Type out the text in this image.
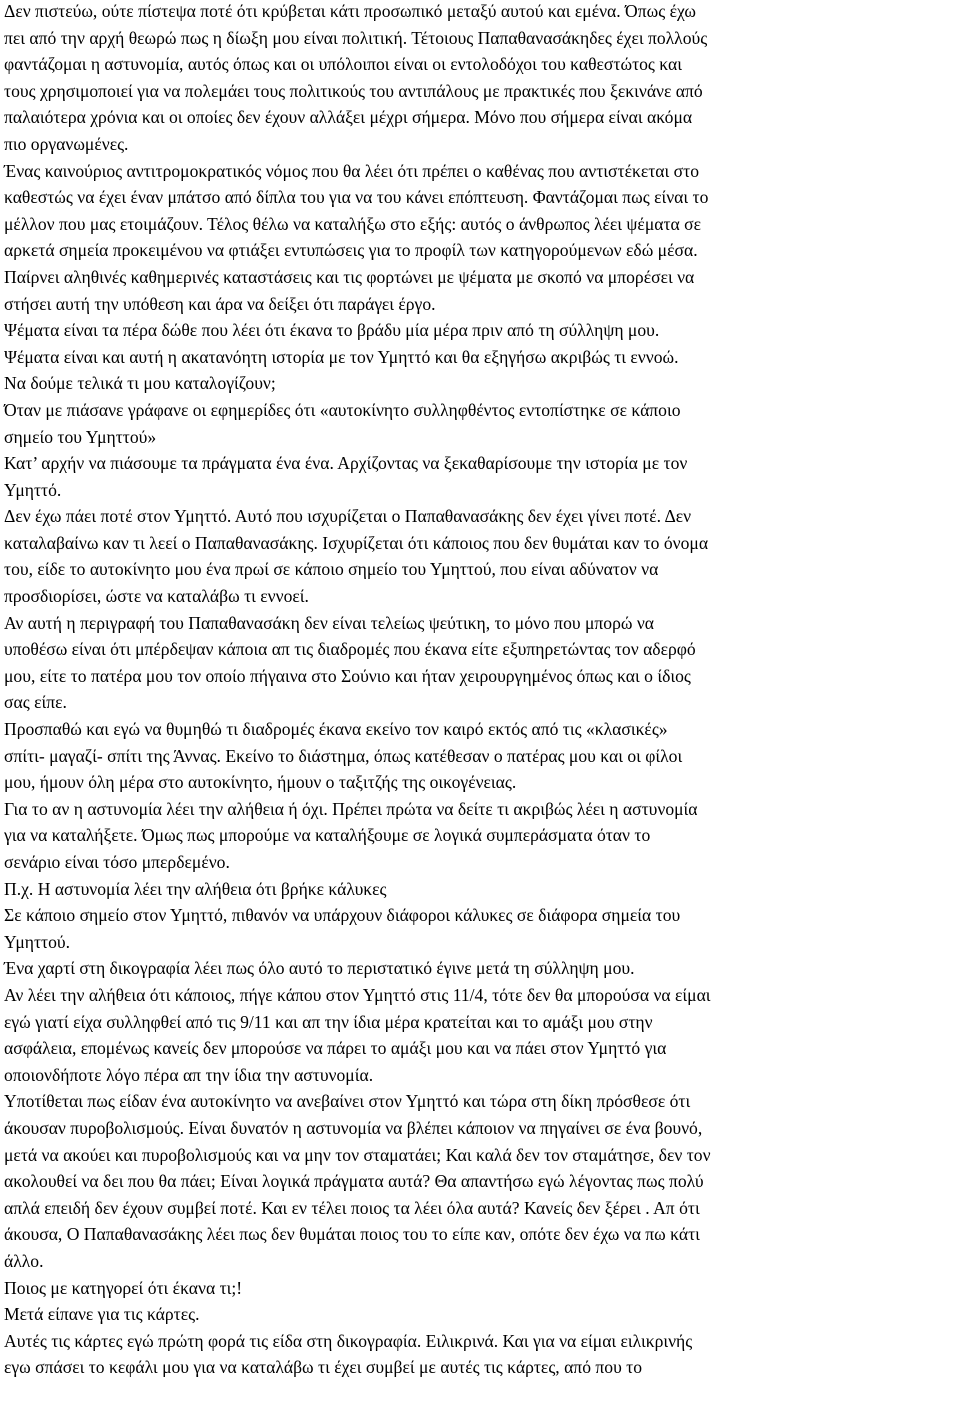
Δεν πιστεύω, ούτε πίστεψα ποτέ ότι κρύβεται κάτι προσωπικό μεταξύ αυτού και εμένα. Όπως έχω

πει από την αρχή θεωρώ πως η δίωξη μου είναι πολιτική. Τέτοιους Παπαθανασάκηδες έχει πολλούς

φαντάζομαι η αστυνομία, αυτός όπως και οι υπόλοιποι είναι οι εντολοδόχοι του καθεστώτος και

τους χρησιμοποιεί για να πολεμάει τους πολιτικούς του αντιπάλους με πρακτικές που ξεκινάνε από

παλαιότερα χρόνια και οι οποίες δεν έχουν αλλάξει μέχρι σήμερα. Μόνο που σήμερα είναι ακόμα

πιο οργανωμένες.

Ένας καινούριος αντιτρομοκρατικός νόμος που θα λέει ότι πρέπει ο καθένας που αντιστέκεται στο

καθεστώς να έχει έναν μπάτσο από δίπλα του για να του κάνει επόπτευση. Φαντάζομαι πως είναι το

μέλλον που μας ετοιμάζουν. Τέλος θέλω να καταλήξω στο εξής: αυτός ο άνθρωπος λέει ψέματα σε

αρκετά σημεία προκειμένου να φτιάξει εντυπώσεις για το προφίλ των κατηγορούμενων εδώ μέσα.

Παίρνει αληθινές καθημερινές καταστάσεις και τις φορτώνει με ψέματα με σκοπό να μπορέσει να

στήσει αυτή την υπόθεση και άρα να δείξει ότι παράγει έργο.

Ψέματα είναι τα πέρα δώθε που λέει ότι έκανα το βράδυ μία μέρα πριν από τη σύλληψη μου.

Ψέματα είναι και αυτή η ακατανόητη ιστορία με τον Υμηττό και θα εξηγήσω ακριβώς τι εννοώ.

Να δούμε τελικά τι μου καταλογίζουν;

Όταν με πιάσανε γράφανε οι εφημερίδες ότι «αυτοκίνητο συλληφθέντος εντοπίστηκε σε κάποιο

σημείο του Υμηττού»

Κατ’ αρχήν να πιάσουμε τα πράγματα ένα ένα. Αρχίζοντας να ξεκαθαρίσουμε την ιστορία με τον

Υμηττό.

Δεν έχω πάει ποτέ στον Υμηττό. Αυτό που ισχυρίζεται ο Παπαθανασάκης δεν έχει γίνει ποτέ. Δεν

καταλαβαίνω καν τι λεεί ο Παπαθανασάκης. Ισχυρίζεται ότι κάποιος που δεν θυμάται καν το όνομα

του, είδε το αυτοκίνητο μου ένα πρωί σε κάποιο σημείο του Υμηττού, που είναι αδύνατον να

προσδιορίσει, ώστε να καταλάβω τι εννοεί.

Αν αυτή η περιγραφή του Παπαθανασάκη δεν είναι τελείως ψεύτικη, το μόνο που μπορώ να

υποθέσω είναι ότι μπέρδεψαν κάποια απ τις διαδρομές που έκανα είτε εξυπηρετώντας τον αδερφό

μου, είτε το πατέρα μου τον οποίο πήγαινα στο Σούνιο και ήταν χειρουργημένος όπως και ο ίδιος

σας είπε.

Προσπαθώ και εγώ να θυμηθώ τι διαδρομές έκανα εκείνο τον καιρό εκτός από τις «κλασικές»

σπίτι- μαγαζί- σπίτι της Άννας. Εκείνο το διάστημα, όπως κατέθεσαν ο πατέρας μου και οι φίλοι

μου, ήμουν όλη μέρα στο αυτοκίνητο, ήμουν ο ταξιτζής της οικογένειας.

Για το αν η αστυνομία λέει την αλήθεια ή όχι. Πρέπει πρώτα να δείτε τι ακριβώς λέει η αστυνομία

για να καταλήξετε. Όμως πως μπορούμε να καταλήξουμε σε λογικά συμπεράσματα όταν το

σενάριο είναι τόσο μπερδεμένο.

Π.χ. Η αστυνομία λέει την αλήθεια ότι βρήκε κάλυκες

Σε κάποιο σημείο στον Υμηττό, πιθανόν να υπάρχουν διάφοροι κάλυκες σε διάφορα σημεία του

Υμηττού.

Ένα χαρτί στη δικογραφία λέει πως όλο αυτό το περιστατικό έγινε μετά τη σύλληψη μου.

Αν λέει την αλήθεια ότι κάποιος, πήγε κάπου στον Υμηττό στις 11/4, τότε δεν θα μπορούσα να είμαι

εγώ γιατί είχα συλληφθεί από τις 9/11 και απ την ίδια μέρα κρατείται και το αμάξι μου στην

ασφάλεια, επομένως κανείς δεν μπορούσε να πάρει το αμάξι μου και να πάει στον Υμηττό για

οποιονδήποτε λόγο πέρα απ την ίδια την αστυνομία.

Υποτίθεται πως είδαν ένα αυτοκίνητο να ανεβαίνει στον Υμηττό και τώρα στη δίκη πρόσθεσε ότι

άκουσαν πυροβολισμούς. Είναι δυνατόν η αστυνομία να βλέπει κάποιον να πηγαίνει σε ένα βουνό,

μετά να ακούει και πυροβολισμούς και να μην τον σταματάει; Και καλά δεν τον σταμάτησε, δεν τον

ακολουθεί να δει που θα πάει; Είναι λογικά πράγματα αυτά? Θα απαντήσω εγώ λέγοντας πως πολύ

απλά επειδή δεν έχουν συμβεί ποτέ. Και εν τέλει ποιος τα λέει όλα αυτά? Κανείς δεν ξέρει . Απ ότι

άκουσα, Ο Παπαθανασάκης λέει πως δεν θυμάται ποιος του το είπε καν, οπότε δεν έχω να πω κάτι

άλλο.

Ποιος με κατηγορεί ότι έκανα τι;!

Μετά είπανε για τις κάρτες.

Αυτές τις κάρτες εγώ πρώτη φορά τις είδα στη δικογραφία. Ειλικρινά. Και για να είμαι ειλικρινής

εγω σπάσει το κεφάλι μου για να καταλάβω τι έχει συμβεί με αυτές τις κάρτες, από που το
